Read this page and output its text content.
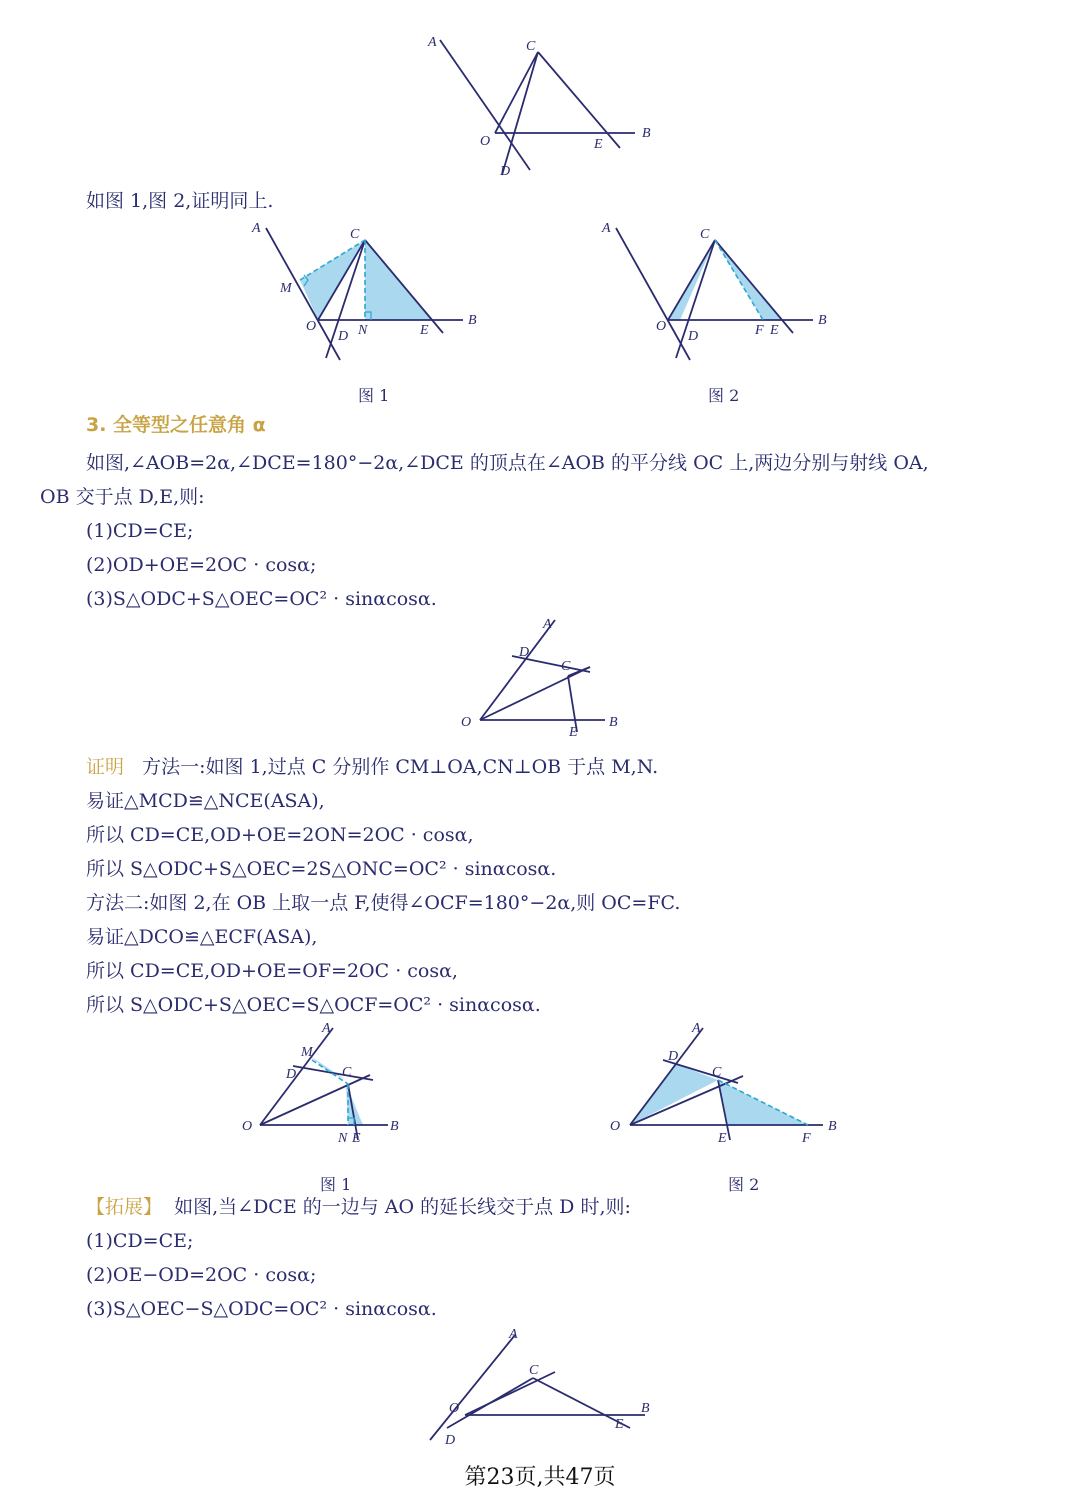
A	C
B
O	E
D
如图 1,图 2,证明同上.
A	C
M
B
O
D N	E
A	C
B
O
D	F E
图 1	图 2
3. 全等型之任意角 α
如图,∠AOB=2α,∠DCE=180°−2α,∠DCE 的顶点在∠AOB 的平分线 OC 上,两边分别与射线 OA,
OB 交于点 D,E,则:
(1)CD=CE;
(2)OD+OE=2OC · cosα;
(3)S△ODC+S△OEC=OC² · sinαcosα.
A
D
C
O	B
E
证明 方法一:如图 1,过点 C 分别作 CM⊥OA,CN⊥OB 于点 M,N.
易证△MCD≌△NCE(ASA),
所以 CD=CE,OD+OE=2ON=2OC · cosα,
所以 S△ODC+S△OEC=2S△ONC=OC² · sinαcosα.
方法二:如图 2,在 OB 上取一点 F,使得∠OCF=180°−2α,则 OC=FC.
易证△DCO≌△ECF(ASA),
所以 CD=CE,OD+OE=OF=2OC · cosα,
所以 S△ODC+S△OEC=S△OCF=OC² · sinαcosα.
A
M
D	C
O
N E
B
A
D
C
O
E	F
B
图 1	图 2
【拓展】 如图,当∠DCE 的一边与 AO 的延长线交于点 D 时,则:
(1)CD=CE;
(2)OE−OD=2OC · cosα;
(3)S△OEC−S△ODC=OC² · sinαcosα.
A
C
O	B
E
D
第23页,共47页
